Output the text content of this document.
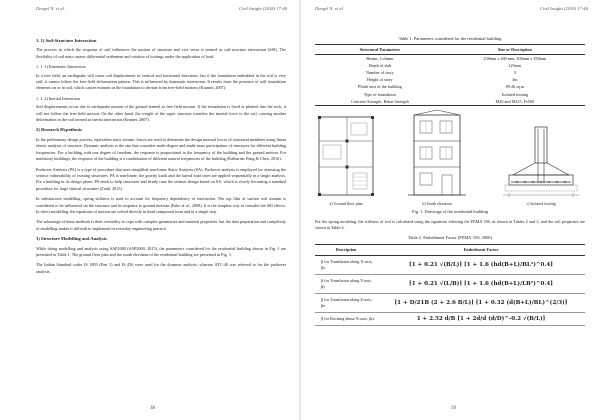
Dengel N. et al.	Civil Insight (2018) 17-46
1. 1) Soil-Structure Interaction

The process in which the response of soil influences the motion of structure and vice versa is termed as soil-structure interaction (SSI). The flexibility of soil mass causes differential settlement and rotation of footings under the application of load.

1. 1. 1) Kinematic Interaction

In a free field, an earthquake will cause soil displacement in vertical and horizontal directions, but if the foundation embedded in the soil is very stiff, it cannot follow the free-field deformation pattern. This is influenced by kinematic interaction. It results from the presence of stiff foundation elements on or in soil, which causes motions at the foundation to deviate from free-field motions (Kramer, 2007).

1. 1. 2) Inertial Interaction

Soil displacements occur due to earthquake motion of the ground termed as free field motion. If the foundation is fixed or planted into the rock, it will not follow the free-field motion. On the other hand, the weight of the super structure transfers the inertial force to the soil, causing another deformation in the soil termed as inertia interaction (Kramer, 2007).

2) Research Hypothesis

In the preliminary design process, equivalent static seismic forces are used to determine the design internal forces of structural members using linear elastic analysis of structure. Dynamic analysis is the one that considers multi-degree and multi-mass participation of structures for different building frequencies. For a building with one degree of freedom, the response is proportional to the frequency of the building and the ground motion. For multistory buildings, the response of the building is a combination of different natural frequencies of the building (Kalbarim, Pang & Chen, 2016).

Pushover Analysis (PA) is a type of procedure that uses simplified non-linear Static Analysis (SA). Pushover analysis is employed for assessing the seismic vulnerability of existing structures. PA is non-linear; the gravity loads and the lateral load cases are applied sequentially in a single analysis. For a building in its design phase, PA tends to help structures and firmly tune the seismic design based on SA, which is slowly becoming a standard procedure for large clinical structures (Zaidi, 2013).

In substructure modelling, spring stiffness is used to account for frequency dependency of interaction. The top film of surface soil stratum is considered to be influenced on the structure and its response to ground motions (Kiho et al., 2008). It is the simplest way to consider the SSI effects. In direct modelling, the equations of motion are solved directly in third compound form and in a single step.

The advantage of these methods is their versatility to cope with complex geometries and material properties, but the data preparation and complexity of modelling makes it difficult to implement in everyday engineering practice.

3) Structure Modelling and Analysis

While doing modelling and analysis using SAP2000 (SAP2000, 2015), the parameters considered for the residential building shown in Fig. 1 are presented in Table 1. The ground floor plan and the south elevation of the residential building are presented in Fig. 1.

The Indian Standard codes IS 1893 (Part 1) and IS 456 were used for the dynamic analysis, whereas ATC-40 was referred to for the pushover analysis.

38
Dengel N. et al.	Civil Insight (2018) 17-44
Table 1. Parameters considered for the residential building
Structural Parameters	Size or Description
Beams, Column	230mm x 400 mm, 300mm x 350mm
Depth of slab	125mm
Number of story	3
Height of story	3m
Plinth area of the building	89.46 sq.m
Type of foundation	Isolated footing
Concrete Strength, Rebar Strength	M20 and M415, Fe500
a) Ground floor plan	b) South elevation	c) Isolated footing
Fig. 1. Drawings of the residential building

For the spring modeling, the stiffness of soil is calculated using the equations referring the FEMA 356, as shown in Tables 2 and 3, and the soil properties are shown in Table 4.

Table 2. Embedment Factor (FEMA-356, 2000)
Description	Embedment Factor
β for Translation along X-axis, βx	[1 + 0.21 √(B/L)] [1 + 1.6 (hd(B+L)/BL²)^0.4]
β for Translation along Y-axis, βy	[1 + 0.21 √(L/B)] [1 + 1.6 (hd(B+L)/LB²)^0.4]
β for Translation along Z-axis, βz	[1 + D/21B (2 + 2.6 B/L)] [1 + 0.32 (d(B+L)/BL)^(2/3)]
β for Rocking about X-axis, βrx	1 + 2.52 d/B [1 + 2d/d (d/D)^-0.2 √(B/L)]
39
